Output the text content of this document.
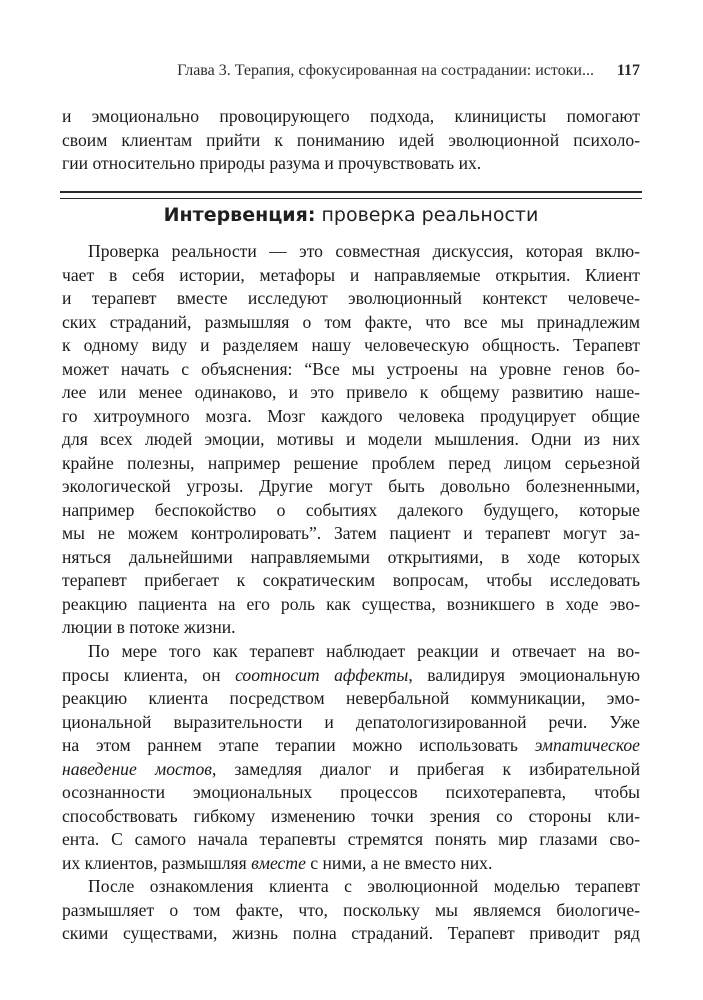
Глава 3. Терапия, сфокусированная на сострадании: истоки... 117
и эмоционально провоцирующего подхода, клиницисты помогают
своим клиентам прийти к пониманию идей эволюционной психоло-
гии относительно природы разума и прочувствовать их.
Интервенция: проверка реальности
Проверка реальности — это совместная дискуссия, которая вклю-
чает в себя истории, метафоры и направляемые открытия. Клиент
и терапевт вместе исследуют эволюционный контекст человече-
ских страданий, размышляя о том факте, что все мы принадлежим
к одному виду и разделяем нашу человеческую общность. Терапевт
может начать с объяснения: “Все мы устроены на уровне генов бо-
лее или менее одинаково, и это привело к общему развитию наше-
го хитроумного мозга. Мозг каждого человека продуцирует общие
для всех людей эмоции, мотивы и модели мышления. Одни из них
крайне полезны, например решение проблем перед лицом серьезной
экологической угрозы. Другие могут быть довольно болезненными,
например беспокойство о событиях далекого будущего, которые
мы не можем контролировать”. Затем пациент и терапевт могут за-
няться дальнейшими направляемыми открытиями, в ходе которых
терапевт прибегает к сократическим вопросам, чтобы исследовать
реакцию пациента на его роль как существа, возникшего в ходе эво-
люции в потоке жизни.
По мере того как терапевт наблюдает реакции и отвечает на во-
просы клиента, он соотносит аффекты, валидируя эмоциональную
реакцию клиента посредством невербальной коммуникации, эмо-
циональной выразительности и депатологизированной речи. Уже
на этом раннем этапе терапии можно использовать эмпатическое
наведение мостов, замедляя диалог и прибегая к избирательной
осознанности эмоциональных процессов психотерапевта, чтобы
способствовать гибкому изменению точки зрения со стороны кли-
ента. С самого начала терапевты стремятся понять мир глазами сво-
их клиентов, размышляя вместе с ними, а не вместо них.
После ознакомления клиента с эволюционной моделью терапевт
размышляет о том факте, что, поскольку мы являемся биологиче-
скими существами, жизнь полна страданий. Терапевт приводит ряд
